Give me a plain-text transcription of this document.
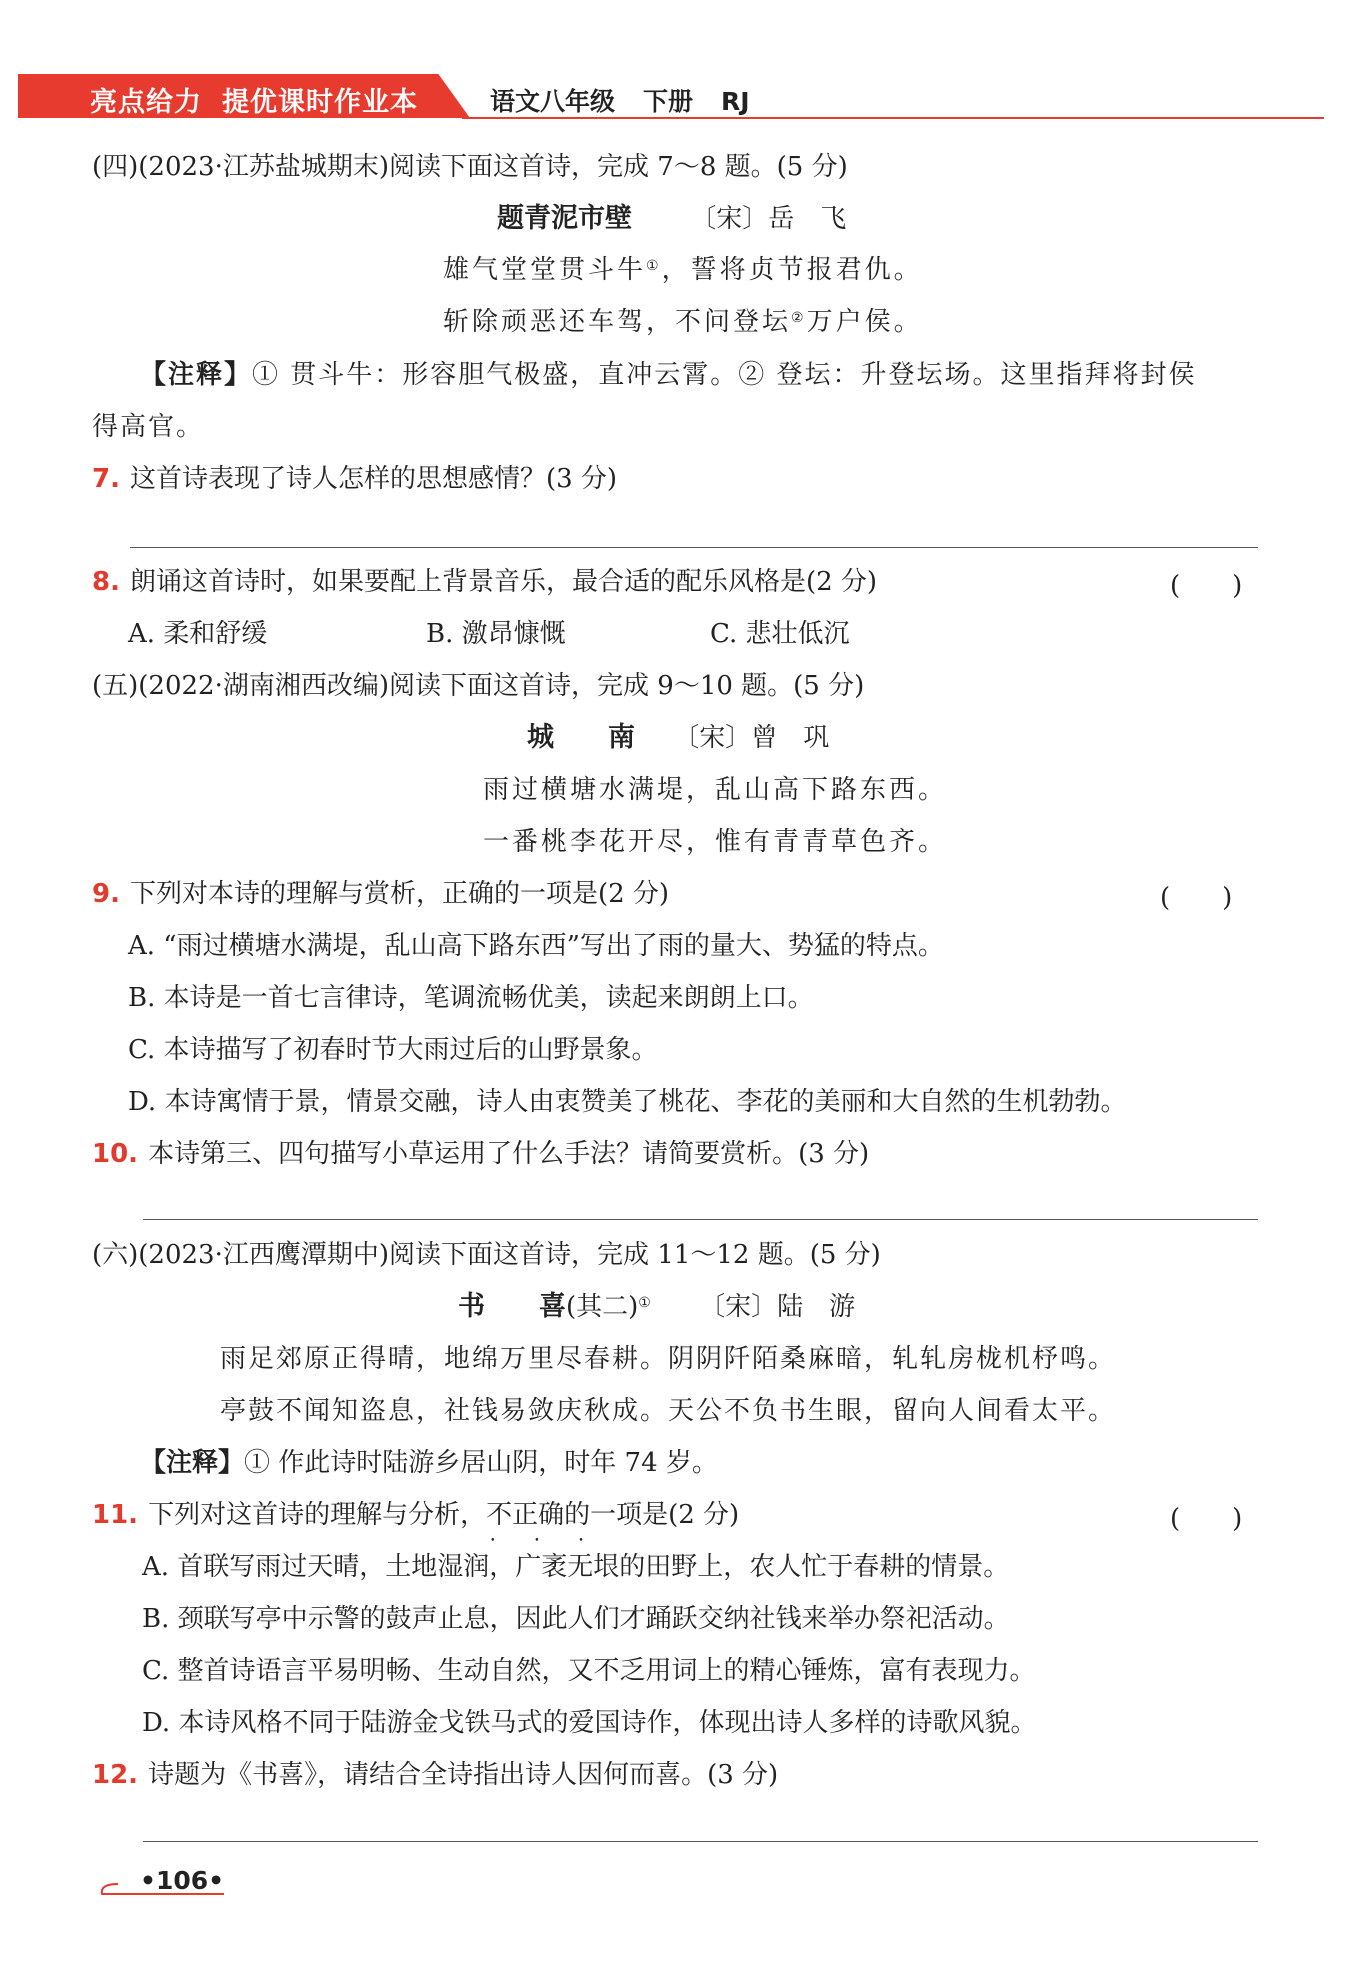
亮点给力 提优课时作业本	语文八年级 下册 RJ
(四)(2023·江苏盐城期末)阅读下面这首诗，完成 7～8 题。(5 分)
题青泥市壁 〔宋〕岳　飞
雄气堂堂贯斗牛①，誓将贞节报君仇。
斩除顽恶还车驾，不问登坛②万户侯。
【注释】① 贯斗牛：形容胆气极盛，直冲云霄。② 登坛：升登坛场。这里指拜将封侯
得高官。
7. 这首诗表现了诗人怎样的思想感情？(3 分)
8. 朗诵这首诗时，如果要配上背景音乐，最合适的配乐风格是(2 分)	(　　)
A. 柔和舒缓	B. 激昂慷慨	C. 悲壮低沉
(五)(2022·湖南湘西改编)阅读下面这首诗，完成 9～10 题。(5 分)
城　　南 〔宋〕曾　巩
雨过横塘水满堤，乱山高下路东西。
一番桃李花开尽，惟有青青草色齐。
9. 下列对本诗的理解与赏析，正确的一项是(2 分)	(　　)
A. “雨过横塘水满堤，乱山高下路东西”写出了雨的量大、势猛的特点。
B. 本诗是一首七言律诗，笔调流畅优美，读起来朗朗上口。
C. 本诗描写了初春时节大雨过后的山野景象。
D. 本诗寓情于景，情景交融，诗人由衷赞美了桃花、李花的美丽和大自然的生机勃勃。
10. 本诗第三、四句描写小草运用了什么手法？请简要赏析。(3 分)
(六)(2023·江西鹰潭期中)阅读下面这首诗，完成 11～12 题。(5 分)
书　　喜(其二)① 〔宋〕陆　游
雨足郊原正得晴，地绵万里尽春耕。阴阴阡陌桑麻暗，轧轧房栊机杼鸣。
亭鼓不闻知盗息，社钱易敛庆秋成。天公不负书生眼，留向人间看太平。
【注释】① 作此诗时陆游乡居山阴，时年 74 岁。
11. 下列对这首诗的理解与分析，不正确 • • •的一项是(2 分)	(　　)
A. 首联写雨过天晴，土地湿润，广袤无垠的田野上，农人忙于春耕的情景。
B. 颈联写亭中示警的鼓声止息，因此人们才踊跃交纳社钱来举办祭祀活动。
C. 整首诗语言平易明畅、生动自然，又不乏用词上的精心锤炼，富有表现力。
D. 本诗风格不同于陆游金戈铁马式的爱国诗作，体现出诗人多样的诗歌风貌。
12. 诗题为《书喜》，请结合全诗指出诗人因何而喜。(3 分)
•106•
